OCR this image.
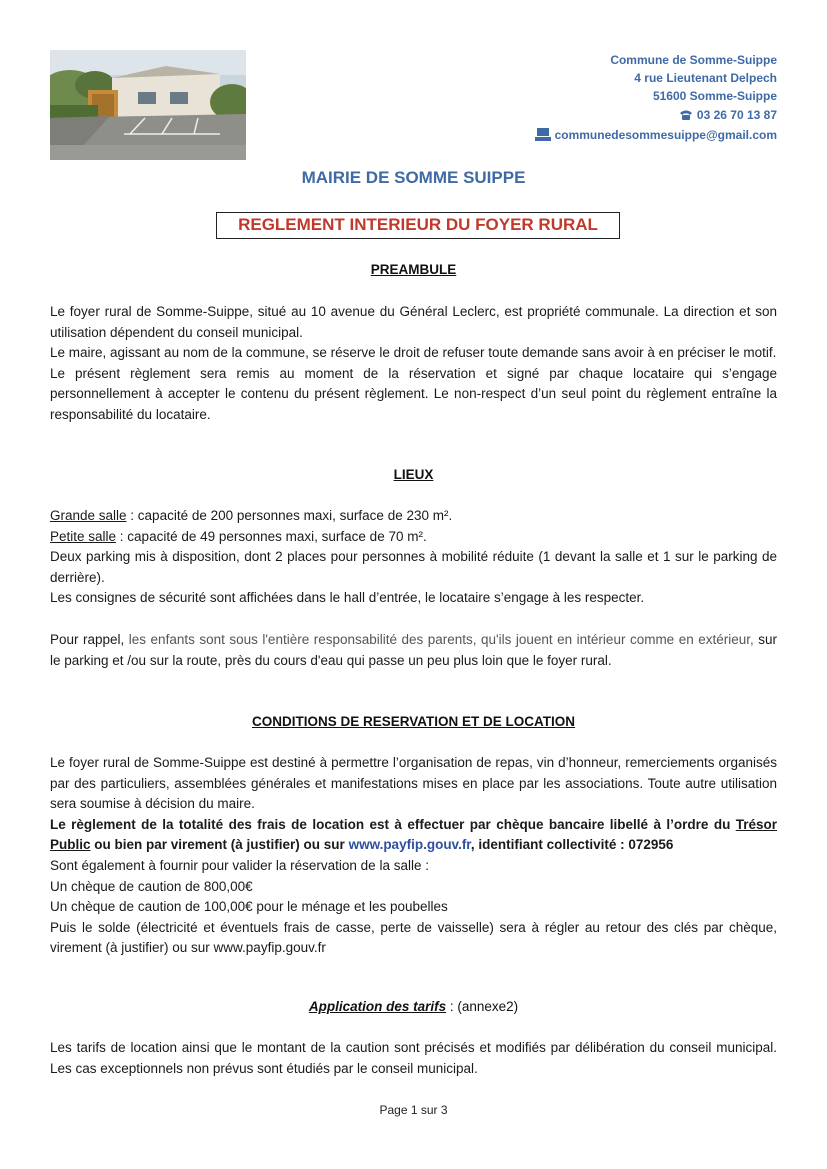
Commune de Somme-Suippe
4 rue Lieutenant Delpech
51600 Somme-Suippe
03 26 70 13 87
communedesommesuippe@gmail.com
MAIRIE DE SOMME SUIPPE
REGLEMENT INTERIEUR DU FOYER RURAL
PREAMBULE

Le foyer rural de Somme-Suippe, situé au 10 avenue du Général Leclerc, est propriété communale. La direction et son utilisation dépendent du conseil municipal.

Le maire, agissant au nom de la commune, se réserve le droit de refuser toute demande sans avoir à en préciser le motif.

Le présent règlement sera remis au moment de la réservation et signé par chaque locataire qui s’engage personnellement à accepter le contenu du présent règlement. Le non-respect d’un seul point du règlement entraîne la responsabilité du locataire.

LIEUX

Grande salle : capacité de 200 personnes maxi, surface de 230 m².

Petite salle : capacité de 49 personnes maxi, surface de 70 m².

Deux parking mis à disposition, dont 2 places pour personnes à mobilité réduite (1 devant la salle et 1 sur le parking de derrière).

Les consignes de sécurité sont affichées dans le hall d’entrée, le locataire s’engage à les respecter.

Pour rappel, les enfants sont sous l'entière responsabilité des parents, qu'ils jouent en intérieur comme en extérieur, sur le parking et /ou sur la route, près du cours d'eau qui passe un peu plus loin que le foyer rural.

CONDITIONS DE RESERVATION ET DE LOCATION

Le foyer rural de Somme-Suippe est destiné à permettre l’organisation de repas, vin d’honneur, remerciements organisés par des particuliers, assemblées générales et manifestations mises en place par les associations. Toute autre utilisation sera soumise à décision du maire.

Le règlement de la totalité des frais de location est à effectuer par chèque bancaire libellé à l’ordre du Trésor Public ou bien par virement (à justifier) ou sur www.payfip.gouv.fr, identifiant collectivité : 072956

Sont également à fournir pour valider la réservation de la salle :

Un chèque de caution de 800,00€

Un chèque de caution de 100,00€ pour le ménage et les poubelles

Puis le solde (électricité et éventuels frais de casse, perte de vaisselle) sera à régler au retour des clés par chèque, virement (à justifier) ou sur www.payfip.gouv.fr

Application des tarifs : (annexe2)

Les tarifs de location ainsi que le montant de la caution sont précisés et modifiés par délibération du conseil municipal. Les cas exceptionnels non prévus sont étudiés par le conseil municipal.

Page 1 sur 3
